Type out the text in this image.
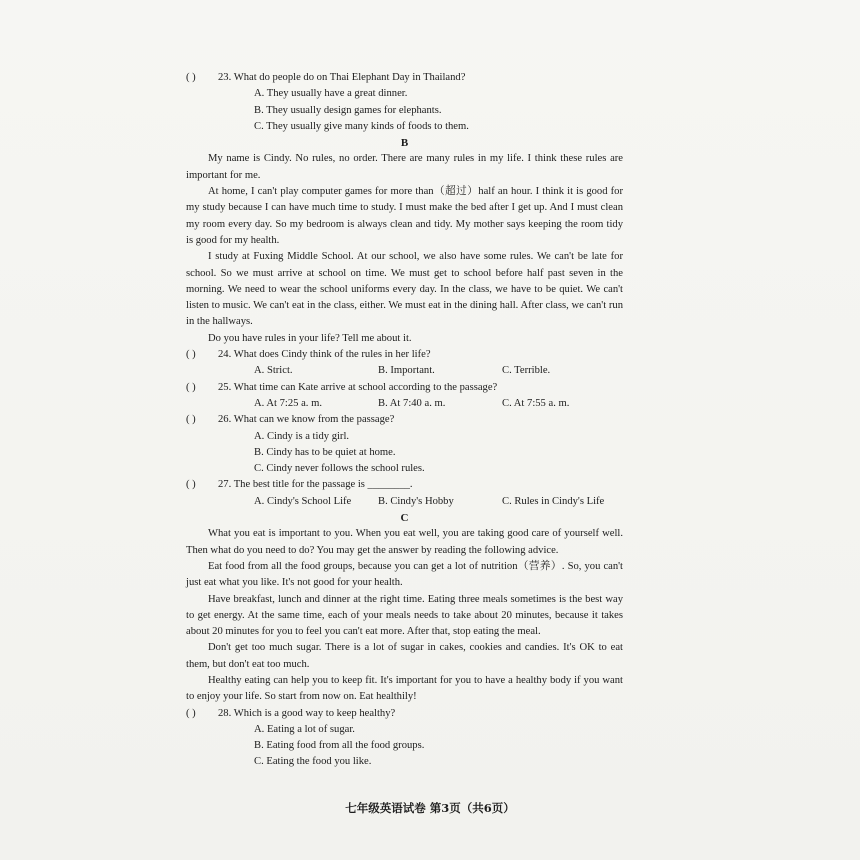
( )	23. What do people do on Thai Elephant Day in Thailand?
A. They usually have a great dinner.
B. They usually design games for elephants.
C. They usually give many kinds of foods to them.
B

My name is Cindy. No rules, no order. There are many rules in my life. I think these rules are important for me.

At home, I can't play computer games for more than（超过）half an hour. I think it is good for my study because I can have much time to study. I must make the bed after I get up. And I must clean my room every day. So my bedroom is always clean and tidy. My mother says keeping the room tidy is good for my health.

I study at Fuxing Middle School. At our school, we also have some rules. We can't be late for school. So we must arrive at school on time. We must get to school before half past seven in the morning. We need to wear the school uniforms every day. In the class, we have to be quiet. We can't listen to music. We can't eat in the class, either. We must eat in the dining hall. After class, we can't run in the hallways.

Do you have rules in your life? Tell me about it.

( )	24. What does Cindy think of the rules in her life?
A. Strict.	B. Important.	C. Terrible.
( )	25. What time can Kate arrive at school according to the passage?
A. At 7:25 a. m.	B. At 7:40 a. m.	C. At 7:55 a. m.
( )	26. What can we know from the passage?
A. Cindy is a tidy girl.
B. Cindy has to be quiet at home.
C. Cindy never follows the school rules.
( )	27. The best title for the passage is ________.
A. Cindy's School Life	B. Cindy's Hobby	C. Rules in Cindy's Life
C

What you eat is important to you. When you eat well, you are taking good care of yourself well. Then what do you need to do? You may get the answer by reading the following advice.

Eat food from all the food groups, because you can get a lot of nutrition（营养）. So, you can't just eat what you like. It's not good for your health.

Have breakfast, lunch and dinner at the right time. Eating three meals sometimes is the best way to get energy. At the same time, each of your meals needs to take about 20 minutes, because it takes about 20 minutes for you to feel you can't eat more. After that, stop eating the meal.

Don't get too much sugar. There is a lot of sugar in cakes, cookies and candies. It's OK to eat them, but don't eat too much.

Healthy eating can help you to keep fit. It's important for you to have a healthy body if you want to enjoy your life. So start from now on. Eat healthily!

( )	28. Which is a good way to keep healthy?
A. Eating a lot of sugar.
B. Eating food from all the food groups.
C. Eating the food you like.
七年级英语试卷 第3页（共6页）
